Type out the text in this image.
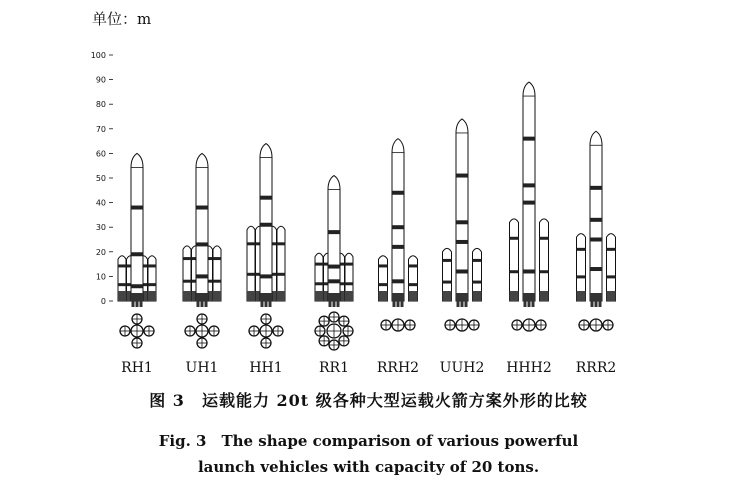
单位：m
0
10
20
30
40
50
60
70
80
90
100
RH1 UH1 HH1	RR1 RRH2 UUH2 HHH2 RRR2
图 3　运载能力 20t 级各种大型运载火箭方案外形的比较
Fig. 3　The shape comparison of various powerful
launch vehicles with capacity of 20 tons.
